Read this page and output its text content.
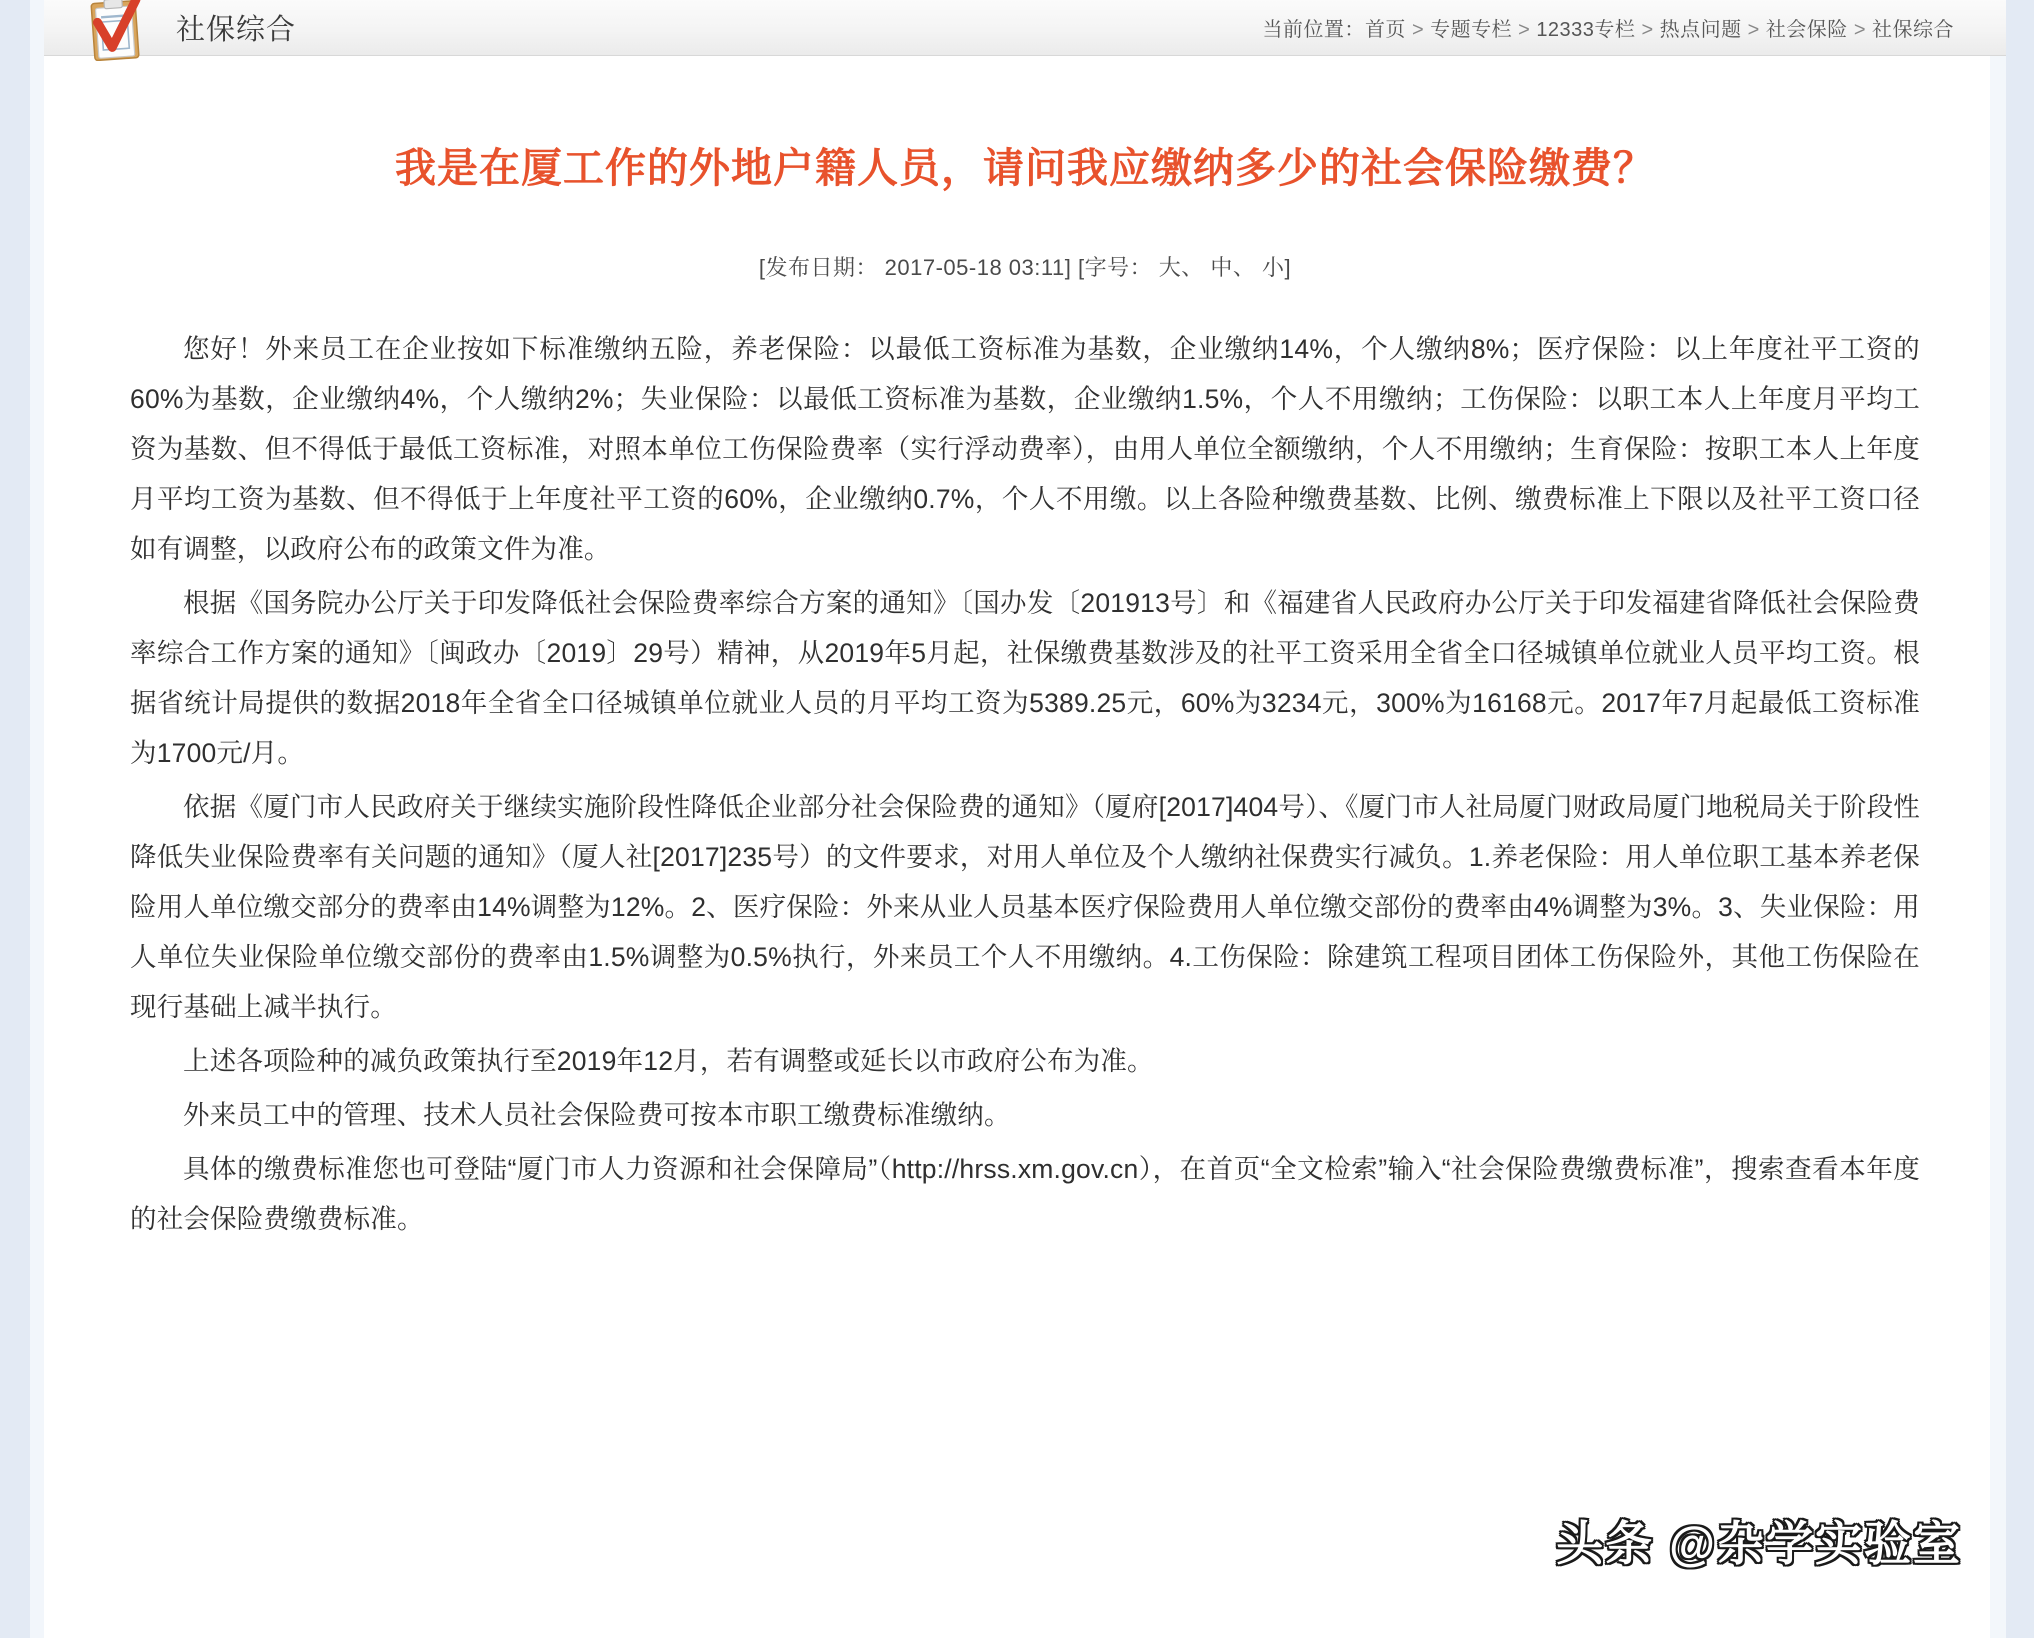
社保综合	当前位置：首页 > 专题专栏 > 12333专栏 > 热点问题 > 社会保险 > 社保综合
我是在厦工作的外地户籍人员，请问我应缴纳多少的社会保险缴费？
[发布日期： 2017-05-18 03:11] [字号： 大、 中、 小]

您好！外来员工在企业按如下标准缴纳五险，养老保险：以最低工资标准为基数，企业缴纳14%，个人缴纳8%；医疗保险：以上年度社平工资的60%为基数，企业缴纳4%，个人缴纳2%；失业保险：以最低工资标准为基数，企业缴纳1.5%，个人不用缴纳；工伤保险：以职工本人上年度月平均工资为基数、但不得低于最低工资标准，对照本单位工伤保险费率（实行浮动费率），由用人单位全额缴纳，个人不用缴纳；生育保险：按职工本人上年度月平均工资为基数、但不得低于上年度社平工资的60%，企业缴纳0.7%，个人不用缴。以上各险种缴费基数、比例、缴费标准上下限以及社平工资口径如有调整，以政府公布的政策文件为准。

根据《国务院办公厅关于印发降低社会保险费率综合方案的通知》〔国办发〔201913号〕和《福建省人民政府办公厅关于印发福建省降低社会保险费率综合工作方案的通知》〔闽政办〔2019〕29号）精神，从2019年5月起，社保缴费基数涉及的社平工资采用全省全口径城镇单位就业人员平均工资。根据省统计局提供的数据2018年全省全口径城镇单位就业人员的月平均工资为5389.25元，60%为3234元，300%为16168元。2017年7月起最低工资标准为1700元/月。

依据《厦门市人民政府关于继续实施阶段性降低企业部分社会保险费的通知》（厦府[2017]404号）、《厦门市人社局厦门财政局厦门地税局关于阶段性降低失业保险费率有关问题的通知》（厦人社[2017]235号）的文件要求，对用人单位及个人缴纳社保费实行减负。1.养老保险：用人单位职工基本养老保险用人单位缴交部分的费率由14%调整为12%。2、医疗保险：外来从业人员基本医疗保险费用人单位缴交部份的费率由4%调整为3%。3、失业保险：用人单位失业保险单位缴交部份的费率由1.5%调整为0.5%执行，外来员工个人不用缴纳。4.工伤保险：除建筑工程项目团体工伤保险外，其他工伤保险在现行基础上减半执行。

上述各项险种的减负政策执行至2019年12月，若有调整或延长以市政府公布为准。

外来员工中的管理、技术人员社会保险费可按本市职工缴费标准缴纳。

具体的缴费标准您也可登陆“厦门市人力资源和社会保障局”（http://hrss.xm.gov.cn），在首页“全文检索”输入“社会保险费缴费标准”，搜索查看本年度的社会保险费缴费标准。

头条 @杂学实验室
